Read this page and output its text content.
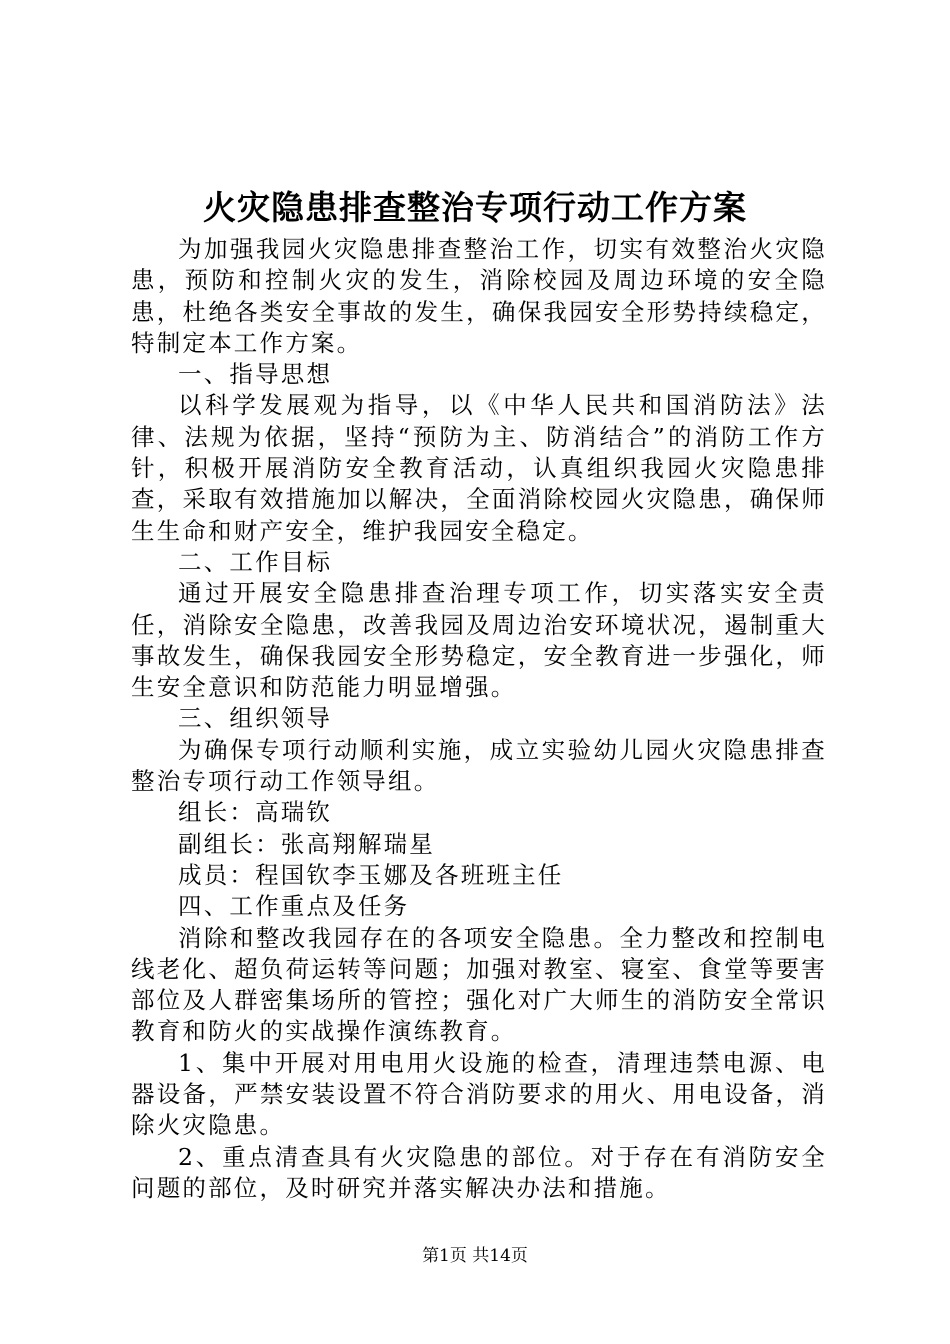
火灾隐患排查整治专项行动工作方案

为加强我园火灾隐患排查整治工作，切实有效整治火灾隐患，预防和控制火灾的发生，消除校园及周边环境的安全隐患，杜绝各类安全事故的发生，确保我园安全形势持续稳定，特制定本工作方案。

一、指导思想

以科学发展观为指导，以《中华人民共和国消防法》法律、法规为依据，坚持“预防为主、防消结合”的消防工作方针，积极开展消防安全教育活动，认真组织我园火灾隐患排查，采取有效措施加以解决，全面消除校园火灾隐患，确保师生生命和财产安全，维护我园安全稳定。

二、工作目标

通过开展安全隐患排查治理专项工作，切实落实安全责任，消除安全隐患，改善我园及周边治安环境状况，遏制重大事故发生，确保我园安全形势稳定，安全教育进一步强化，师生安全意识和防范能力明显增强。

三、组织领导

为确保专项行动顺利实施，成立实验幼儿园火灾隐患排查整治专项行动工作领导组。

组长：高瑞钦

副组长：张高翔解瑞星

成员：程国钦李玉娜及各班班主任

四、工作重点及任务

消除和整改我园存在的各项安全隐患。全力整改和控制电线老化、超负荷运转等问题；加强对教室、寝室、食堂等要害部位及人群密集场所的管控；强化对广大师生的消防安全常识教育和防火的实战操作演练教育。

1、集中开展对用电用火设施的检查，清理违禁电源、电器设备，严禁安装设置不符合消防要求的用火、用电设备，消除火灾隐患。

2、重点清查具有火灾隐患的部位。对于存在有消防安全问题的部位，及时研究并落实解决办法和措施。

第1页 共14页
